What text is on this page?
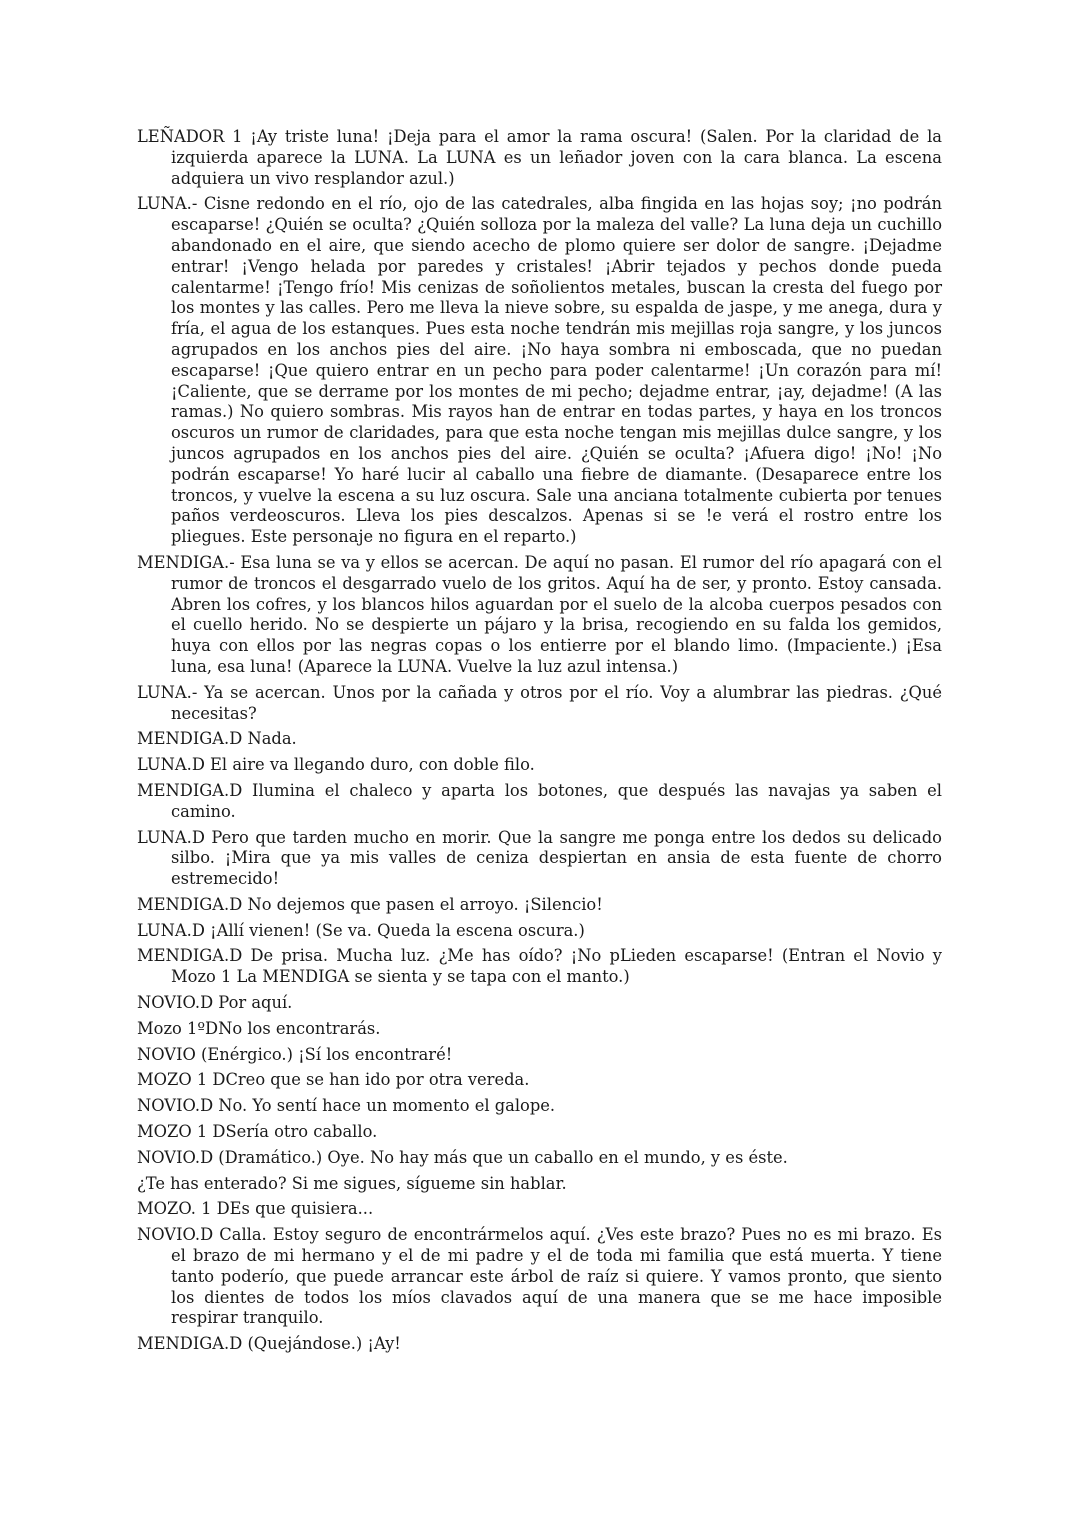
LEÑADOR 1 ¡Ay triste luna! ¡Deja para el amor la rama oscura! (Salen. Por la claridad de la izquierda aparece la LUNA. La LUNA es un leñador joven con la cara blanca. La escena adquiera un vivo resplandor azul.)

LUNA.- Cisne redondo en el río, ojo de las catedrales, alba fingida en las hojas soy; ¡no podrán escaparse! ¿Quién se oculta? ¿Quién solloza por la maleza del valle? La luna deja un cuchillo abandonado en el aire, que siendo acecho de plomo quiere ser dolor de sangre. ¡Dejadme entrar! ¡Vengo helada por paredes y cristales! ¡Abrir tejados y pechos donde pueda calentarme! ¡Tengo frío! Mis cenizas de soñolientos metales, buscan la cresta del fuego por los montes y las calles. Pero me lleva la nieve sobre, su espalda de jaspe, y me anega, dura y fría, el agua de los estanques. Pues esta noche tendrán mis mejillas roja sangre, y los juncos agrupados en los anchos pies del aire. ¡No haya sombra ni emboscada, que no puedan escaparse! ¡Que quiero entrar en un pecho para poder calentarme! ¡Un corazón para mí! ¡Caliente, que se derrame por los montes de mi pecho; dejadme entrar, ¡ay, dejadme! (A las ramas.) No quiero sombras. Mis rayos han de entrar en todas partes, y haya en los troncos oscuros un rumor de claridades, para que esta noche tengan mis mejillas dulce sangre, y los juncos agrupados en los anchos pies del aire. ¿Quién se oculta? ¡Afuera digo! ¡No! ¡No podrán escaparse! Yo haré lucir al caballo una fiebre de diamante. (Desaparece entre los troncos, y vuelve la escena a su luz oscura. Sale una anciana totalmente cubierta por tenues paños verdeoscuros. Lleva los pies descalzos. Apenas si se !e verá el rostro entre los pliegues. Este personaje no figura en el reparto.)

MENDIGA.- Esa luna se va y ellos se acercan. De aquí no pasan. El rumor del río apagará con el rumor de troncos el desgarrado vuelo de los gritos. Aquí ha de ser, y pronto. Estoy cansada. Abren los cofres, y los blancos hilos aguardan por el suelo de la alcoba cuerpos pesados con el cuello herido. No se despierte un pájaro y la brisa, recogiendo en su falda los gemidos, huya con ellos por las negras copas o los entierre por el blando limo. (Impaciente.) ¡Esa luna, esa luna! (Aparece la LUNA. Vuelve la luz azul intensa.)

LUNA.- Ya se acercan. Unos por la cañada y otros por el río. Voy a alumbrar las piedras. ¿Qué necesitas?

MENDIGA.D Nada.

LUNA.D El aire va llegando duro, con doble filo.

MENDIGA.D Ilumina el chaleco y aparta los botones, que después las navajas ya saben el camino.

LUNA.D Pero que tarden mucho en morir. Que la sangre me ponga entre los dedos su delicado silbo. ¡Mira que ya mis valles de ceniza despiertan en ansia de esta fuente de chorro estremecido!

MENDIGA.D No dejemos que pasen el arroyo. ¡Silencio!

LUNA.D ¡Allí vienen! (Se va. Queda la escena oscura.)

MENDIGA.D De prisa. Mucha luz. ¿Me has oído? ¡No pLieden escaparse! (Entran el Novio y Mozo 1 La MENDIGA se sienta y se tapa con el manto.)

NOVIO.D Por aquí.

Mozo 1ºDNo los encontrarás.

NOVIO (Enérgico.) ¡Sí los encontraré!

MOZO 1 DCreo que se han ido por otra vereda.

NOVIO.D No. Yo sentí hace un momento el galope.

MOZO 1 DSería otro caballo.

NOVIO.D (Dramático.) Oye. No hay más que un caballo en el mundo, y es éste.

¿Te has enterado? Si me sigues, sígueme sin hablar.

MOZO. 1 DEs que quisiera...

NOVIO.D Calla. Estoy seguro de encontrármelos aquí. ¿Ves este brazo? Pues no es mi brazo. Es el brazo de mi hermano y el de mi padre y el de toda mi familia que está muerta. Y tiene tanto poderío, que puede arrancar este árbol de raíz si quiere. Y vamos pronto, que siento los dientes de todos los míos clavados aquí de una manera que se me hace imposible respirar tranquilo.

MENDIGA.D (Quejándose.) ¡Ay!
